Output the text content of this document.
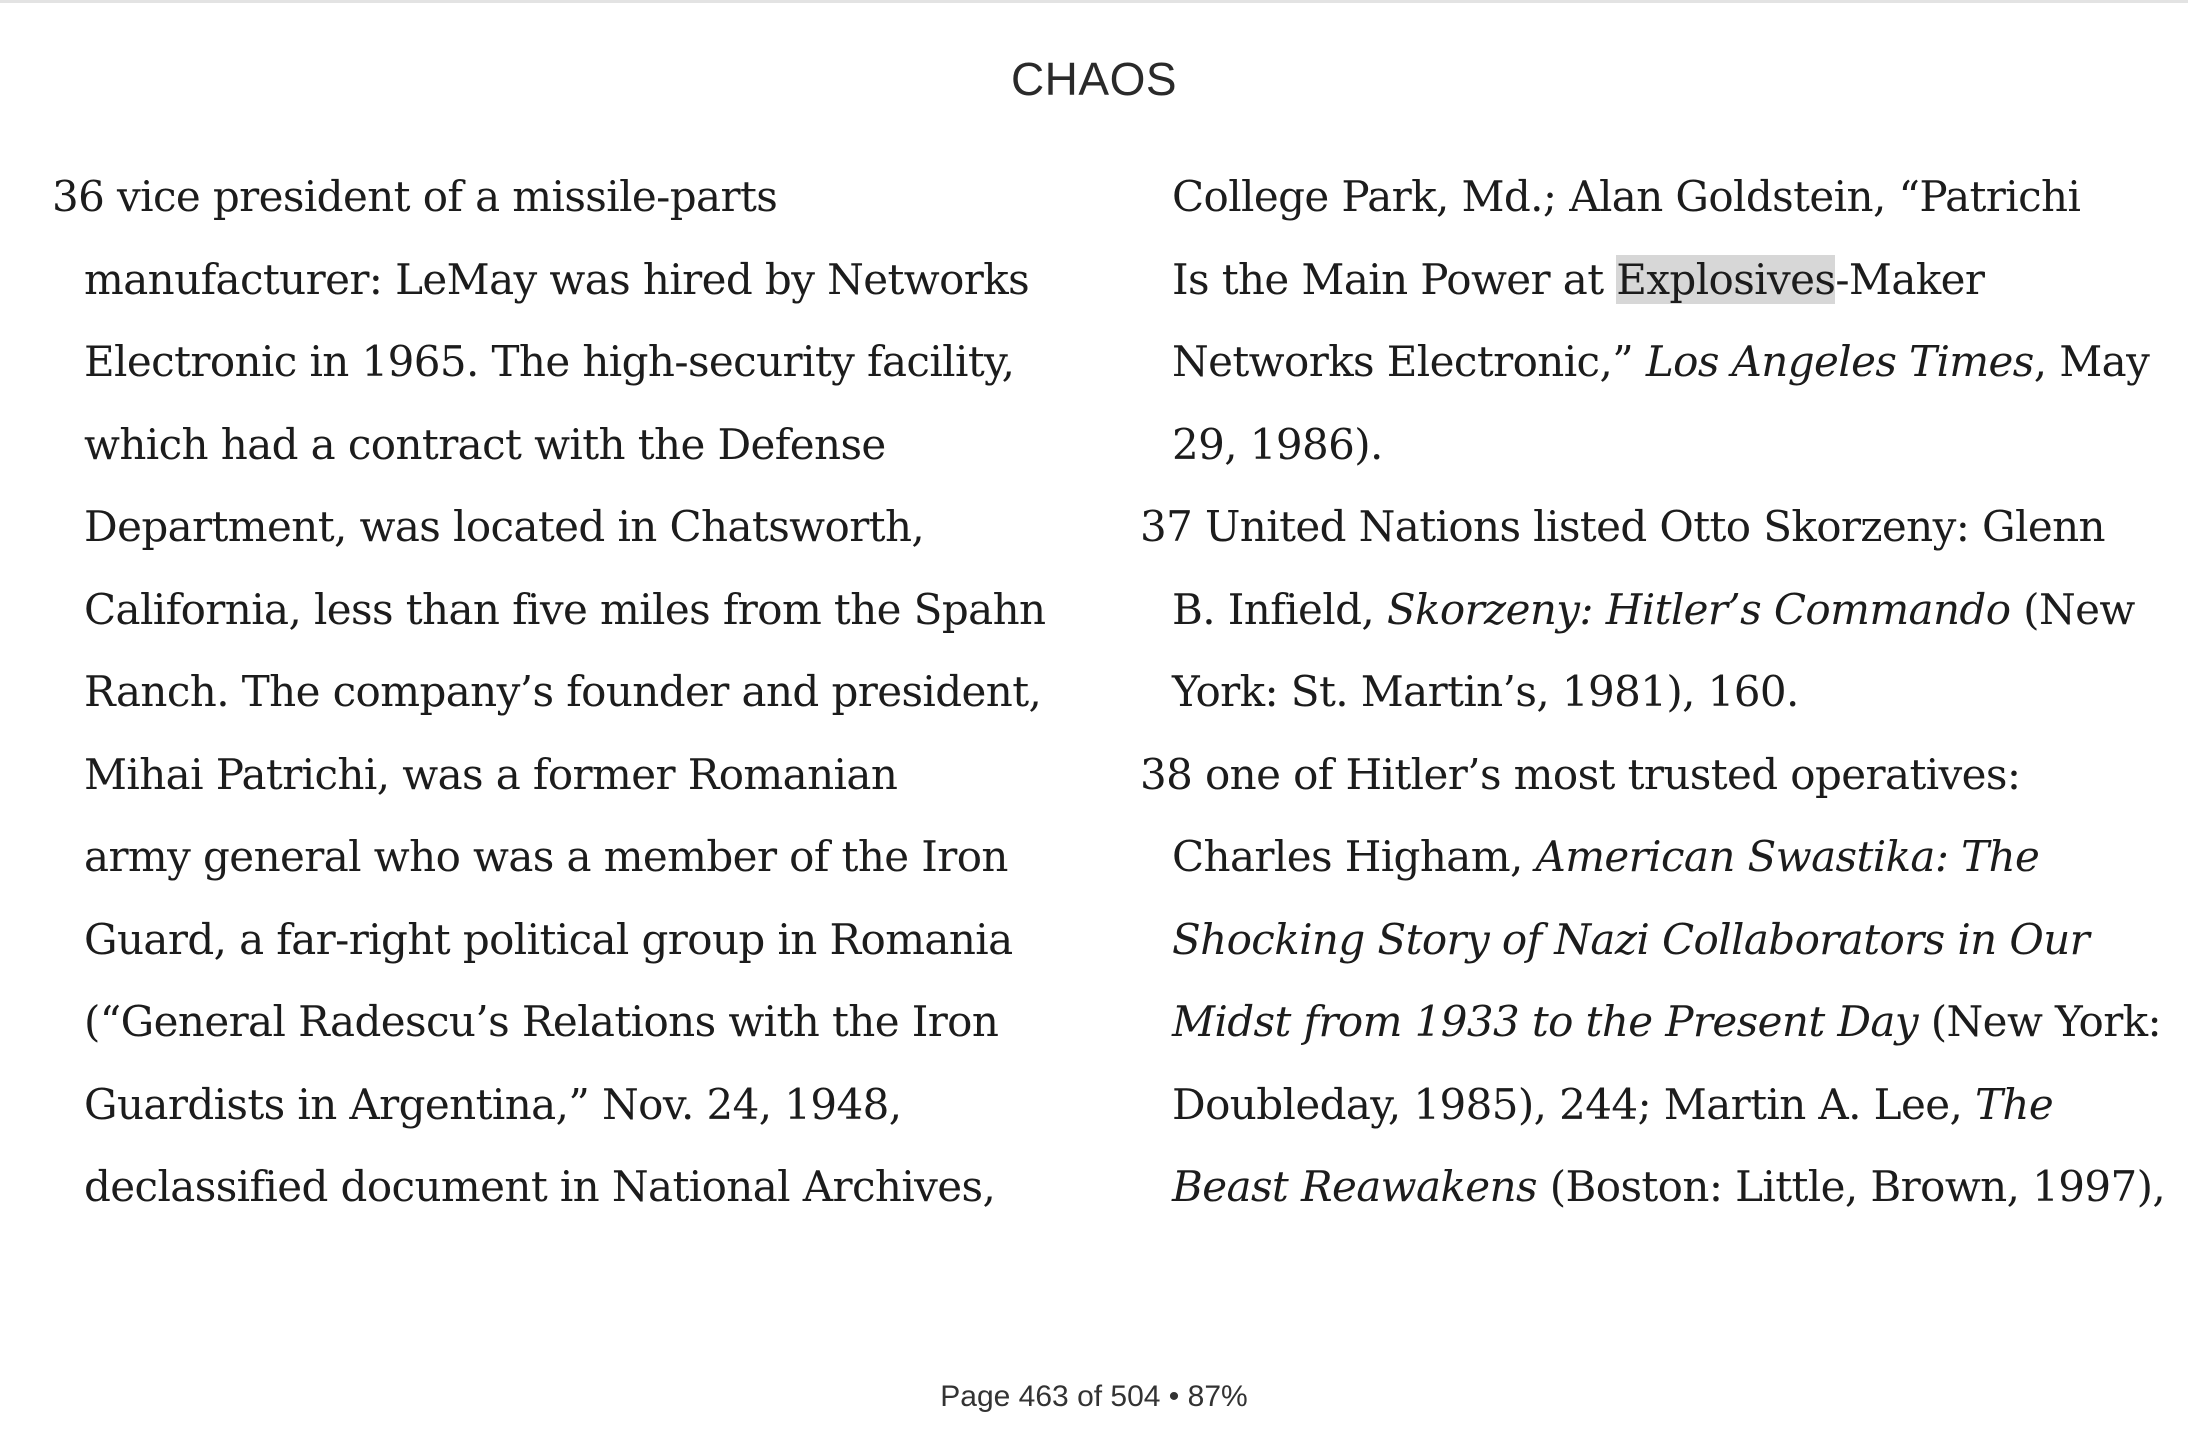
CHAOS
36 vice president of a missile-parts
manufacturer: LeMay was hired by Networks
Electronic in 1965. The high-security facility,
which had a contract with the Defense
Department, was located in Chatsworth,
California, less than five miles from the Spahn
Ranch. The company’s founder and president,
Mihai Patrichi, was a former Romanian
army general who was a member of the Iron
Guard, a far-right political group in Romania
(“General Radescu’s Relations with the Iron
Guardists in Argentina,” Nov. 24, 1948,
declassified document in National Archives,
College Park, Md.; Alan Goldstein, “Patrichi
Is the Main Power at Explosives-Maker
Networks Electronic,” Los Angeles Times, May
29, 1986).
37 United Nations listed Otto Skorzeny: Glenn
B. Infield, Skorzeny: Hitler’s Commando (New
York: St. Martin’s, 1981), 160.
38 one of Hitler’s most trusted operatives:
Charles Higham, American Swastika: The
Shocking Story of Nazi Collaborators in Our
Midst from 1933 to the Present Day (New York:
Doubleday, 1985), 244; Martin A. Lee, The
Beast Reawakens (Boston: Little, Brown, 1997),
Page 463 of 504 • 87%
